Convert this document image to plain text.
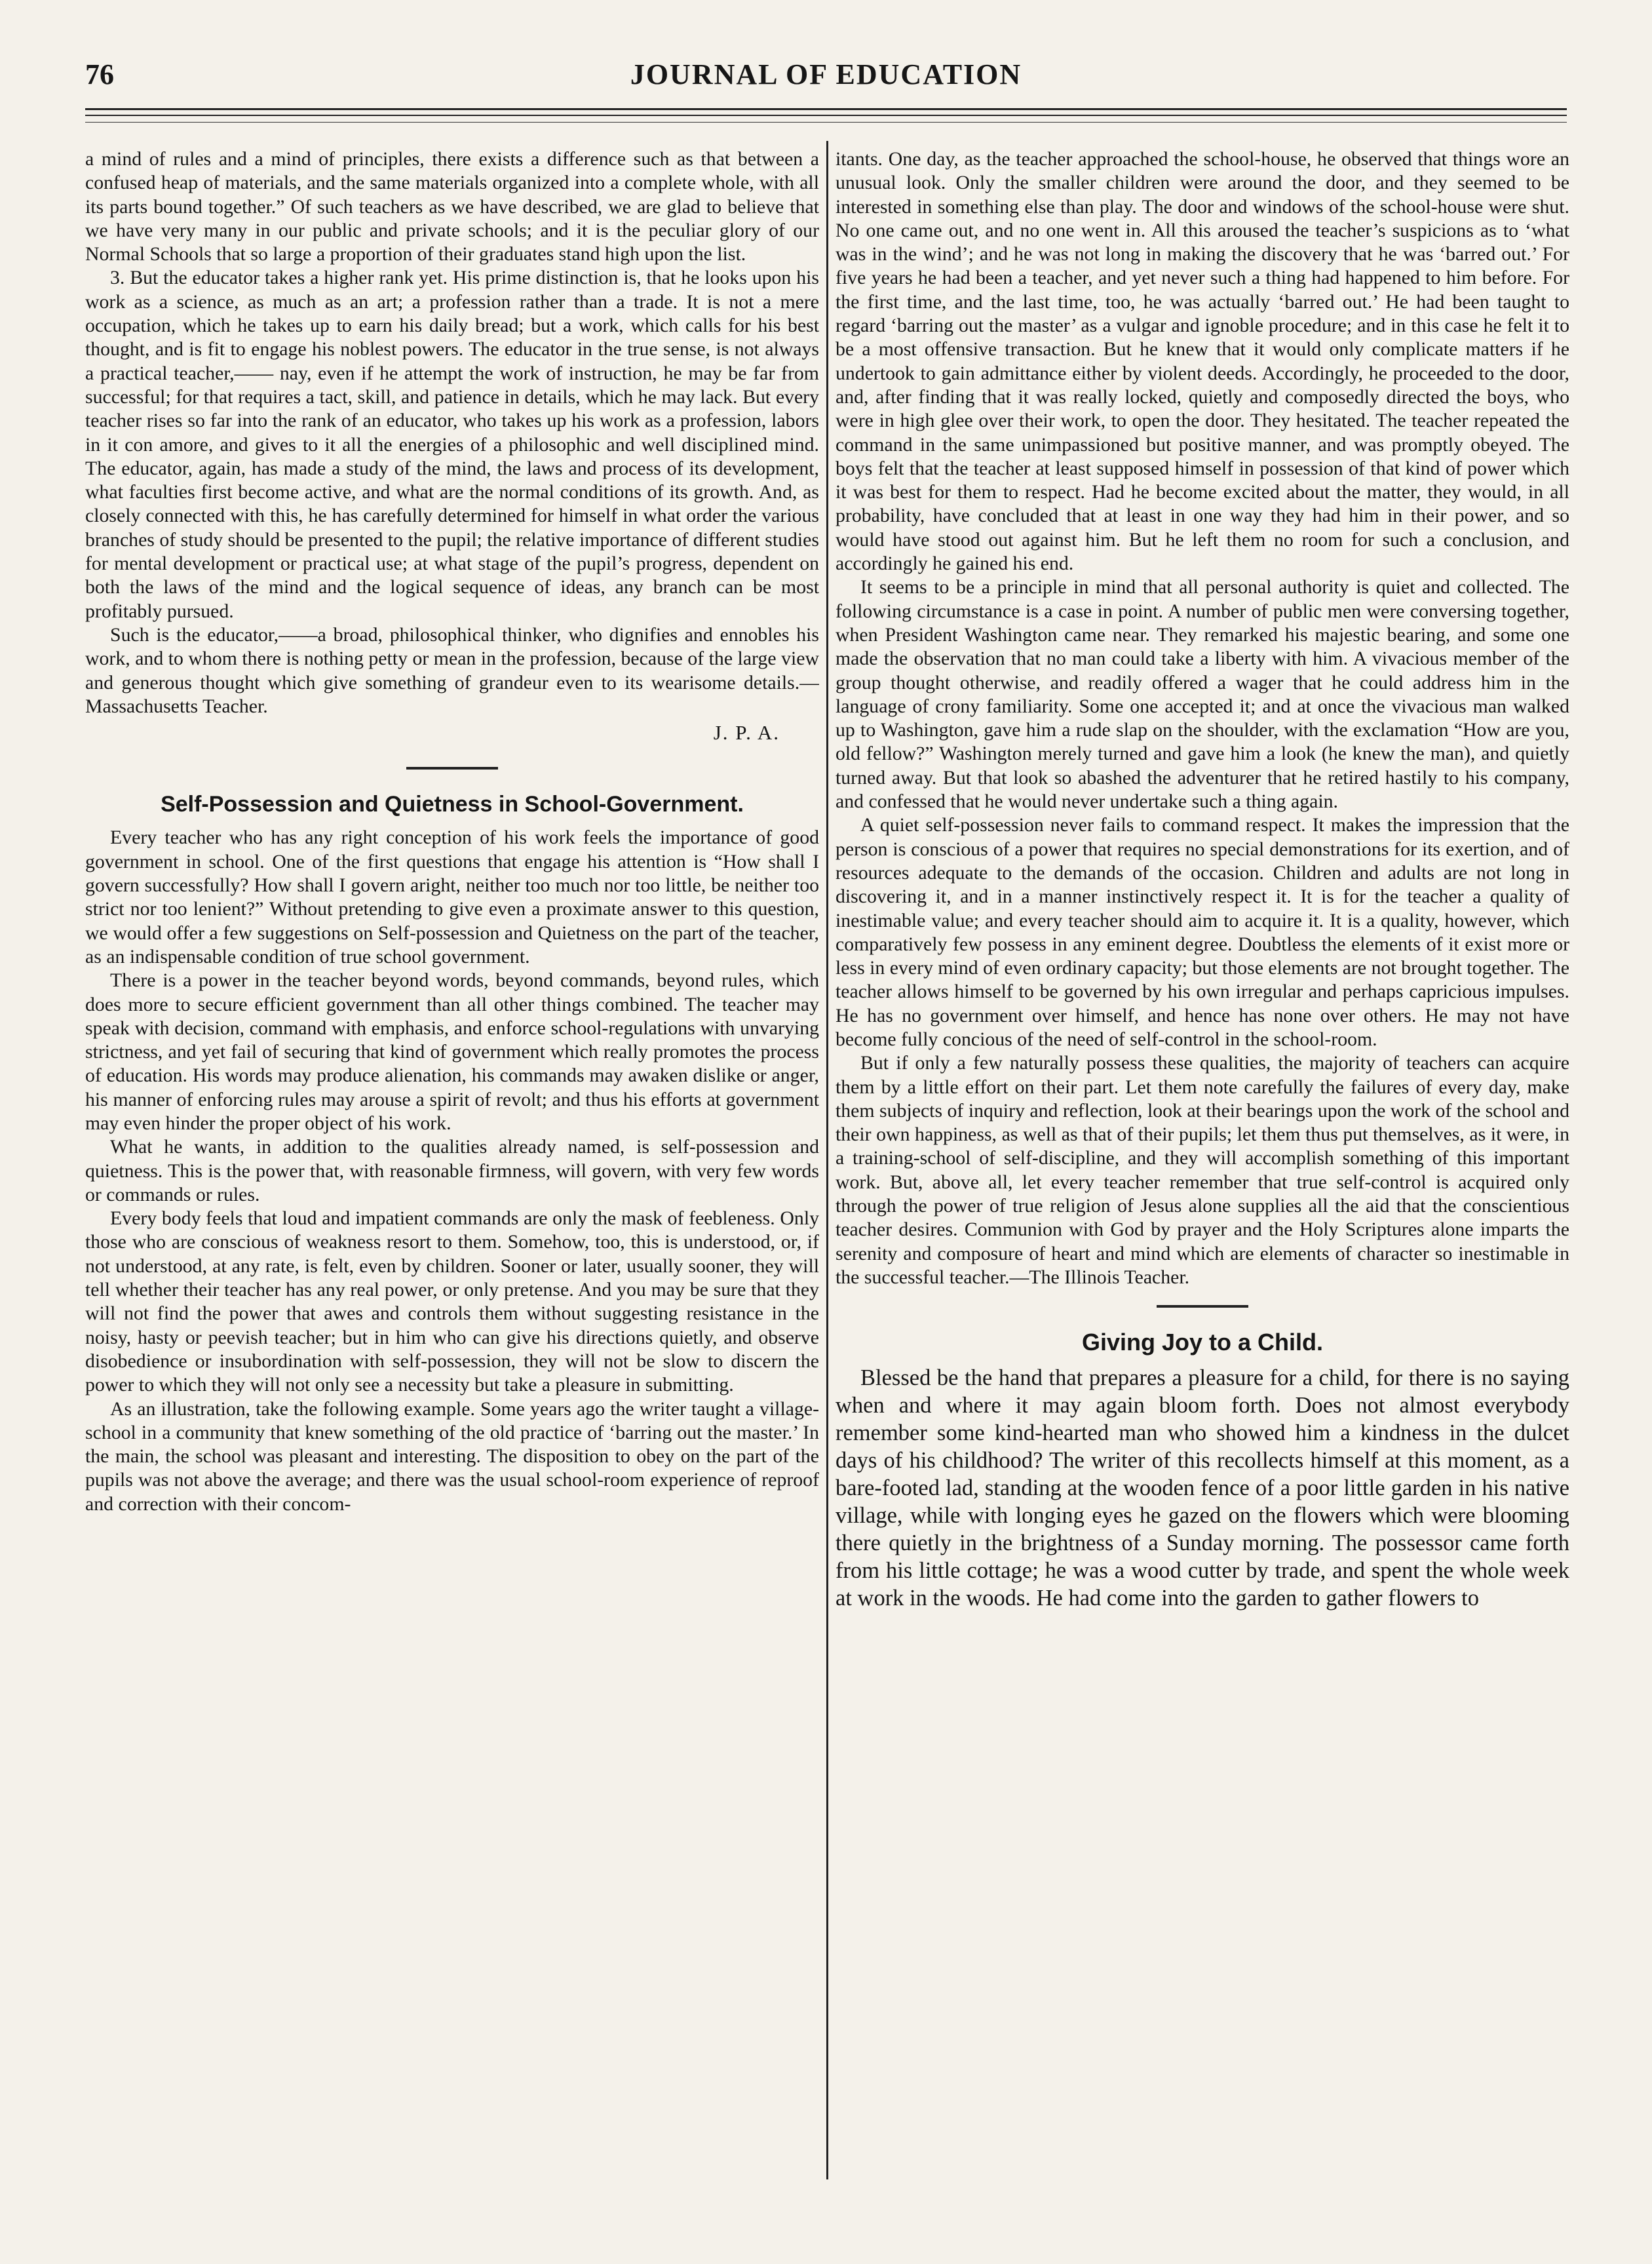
76	JOURNAL OF EDUCATION

a mind of rules and a mind of principles, there exists a difference such as that between a confused heap of materials, and the same materials organized into a complete whole, with all its parts bound together.” Of such teachers as we have described, we are glad to believe that we have very many in our public and private schools; and it is the peculiar glory of our Normal Schools that so large a proportion of their graduates stand high upon the list.

3. But the educator takes a higher rank yet. His prime distinction is, that he looks upon his work as a science, as much as an art; a profession rather than a trade. It is not a mere occupation, which he takes up to earn his daily bread; but a work, which calls for his best thought, and is fit to engage his noblest powers. The educator in the true sense, is not always a practical teacher,—— nay, even if he attempt the work of instruction, he may be far from successful; for that requires a tact, skill, and patience in details, which he may lack. But every teacher rises so far into the rank of an educator, who takes up his work as a profession, labors in it con amore, and gives to it all the energies of a philosophic and well disciplined mind. The educator, again, has made a study of the mind, the laws and process of its development, what faculties first become active, and what are the normal conditions of its growth. And, as closely connected with this, he has carefully determined for himself in what order the various branches of study should be presented to the pupil; the relative importance of different studies for mental development or practical use; at what stage of the pupil’s progress, dependent on both the laws of the mind and the logical sequence of ideas, any branch can be most profitably pursued.

Such is the educator,——a broad, philosophical thinker, who dignifies and ennobles his work, and to whom there is nothing petty or mean in the profession, because of the large view and generous thought which give something of grandeur even to its wearisome details.—Massachusetts Teacher.

J. P. A.
Self-Possession and Quietness in School-Government.

Every teacher who has any right conception of his work feels the importance of good government in school. One of the first questions that engage his attention is “How shall I govern successfully? How shall I govern aright, neither too much nor too little, be neither too strict nor too lenient?” Without pretending to give even a proximate answer to this question, we would offer a few suggestions on Self-possession and Quietness on the part of the teacher, as an indispensable condition of true school government.

There is a power in the teacher beyond words, beyond commands, beyond rules, which does more to secure efficient government than all other things combined. The teacher may speak with decision, command with emphasis, and enforce school-regulations with unvarying strictness, and yet fail of securing that kind of government which really promotes the process of education. His words may produce alienation, his commands may awaken dislike or anger, his manner of enforcing rules may arouse a spirit of revolt; and thus his efforts at government may even hinder the proper object of his work.

What he wants, in addition to the qualities already named, is self-possession and quietness. This is the power that, with reasonable firmness, will govern, with very few words or commands or rules.

Every body feels that loud and impatient commands are only the mask of feebleness. Only those who are conscious of weakness resort to them. Somehow, too, this is understood, or, if not understood, at any rate, is felt, even by children. Sooner or later, usually sooner, they will tell whether their teacher has any real power, or only pretense. And you may be sure that they will not find the power that awes and controls them without suggesting resistance in the noisy, hasty or peevish teacher; but in him who can give his directions quietly, and observe disobedience or insubordination with self-possession, they will not be slow to discern the power to which they will not only see a necessity but take a pleasure in submitting.

As an illustration, take the following example. Some years ago the writer taught a village-school in a community that knew something of the old practice of ‘barring out the master.’ In the main, the school was pleasant and interesting. The disposition to obey on the part of the pupils was not above the average; and there was the usual school-room experience of reproof and correction with their concom-

itants. One day, as the teacher approached the school-house, he observed that things wore an unusual look. Only the smaller children were around the door, and they seemed to be interested in something else than play. The door and windows of the school-house were shut. No one came out, and no one went in. All this aroused the teacher’s suspicions as to ‘what was in the wind’; and he was not long in making the discovery that he was ‘barred out.’ For five years he had been a teacher, and yet never such a thing had happened to him before. For the first time, and the last time, too, he was actually ‘barred out.’ He had been taught to regard ‘barring out the master’ as a vulgar and ignoble procedure; and in this case he felt it to be a most offensive transaction. But he knew that it would only complicate matters if he undertook to gain admittance either by violent deeds. Accordingly, he proceeded to the door, and, after finding that it was really locked, quietly and composedly directed the boys, who were in high glee over their work, to open the door. They hesitated. The teacher repeated the command in the same unimpassioned but positive manner, and was promptly obeyed. The boys felt that the teacher at least supposed himself in possession of that kind of power which it was best for them to respect. Had he become excited about the matter, they would, in all probability, have concluded that at least in one way they had him in their power, and so would have stood out against him. But he left them no room for such a conclusion, and accordingly he gained his end.

It seems to be a principle in mind that all personal authority is quiet and collected. The following circumstance is a case in point. A number of public men were conversing together, when President Washington came near. They remarked his majestic bearing, and some one made the observation that no man could take a liberty with him. A vivacious member of the group thought otherwise, and readily offered a wager that he could address him in the language of crony familiarity. Some one accepted it; and at once the vivacious man walked up to Washington, gave him a rude slap on the shoulder, with the exclamation “How are you, old fellow?” Washington merely turned and gave him a look (he knew the man), and quietly turned away. But that look so abashed the adventurer that he retired hastily to his company, and confessed that he would never undertake such a thing again.

A quiet self-possession never fails to command respect. It makes the impression that the person is conscious of a power that requires no special demonstrations for its exertion, and of resources adequate to the demands of the occasion. Children and adults are not long in discovering it, and in a manner instinctively respect it. It is for the teacher a quality of inestimable value; and every teacher should aim to acquire it. It is a quality, however, which comparatively few possess in any eminent degree. Doubtless the elements of it exist more or less in every mind of even ordinary capacity; but those elements are not brought together. The teacher allows himself to be governed by his own irregular and perhaps capricious impulses. He has no government over himself, and hence has none over others. He may not have become fully concious of the need of self-control in the school-room.

But if only a few naturally possess these qualities, the majority of teachers can acquire them by a little effort on their part. Let them note carefully the failures of every day, make them subjects of inquiry and reflection, look at their bearings upon the work of the school and their own happiness, as well as that of their pupils; let them thus put themselves, as it were, in a training-school of self-discipline, and they will accomplish something of this important work. But, above all, let every teacher remember that true self-control is acquired only through the power of true religion of Jesus alone supplies all the aid that the conscientious teacher desires. Communion with God by prayer and the Holy Scriptures alone imparts the serenity and composure of heart and mind which are elements of character so inestimable in the successful teacher.—The Illinois Teacher.

Giving Joy to a Child.

Blessed be the hand that prepares a pleasure for a child, for there is no saying when and where it may again bloom forth. Does not almost everybody remember some kind-hearted man who showed him a kindness in the dulcet days of his childhood? The writer of this recollects himself at this moment, as a bare-footed lad, standing at the wooden fence of a poor little garden in his native village, while with longing eyes he gazed on the flowers which were blooming there quietly in the brightness of a Sunday morning. The possessor came forth from his little cottage; he was a wood cutter by trade, and spent the whole week at work in the woods. He had come into the garden to gather flowers to
